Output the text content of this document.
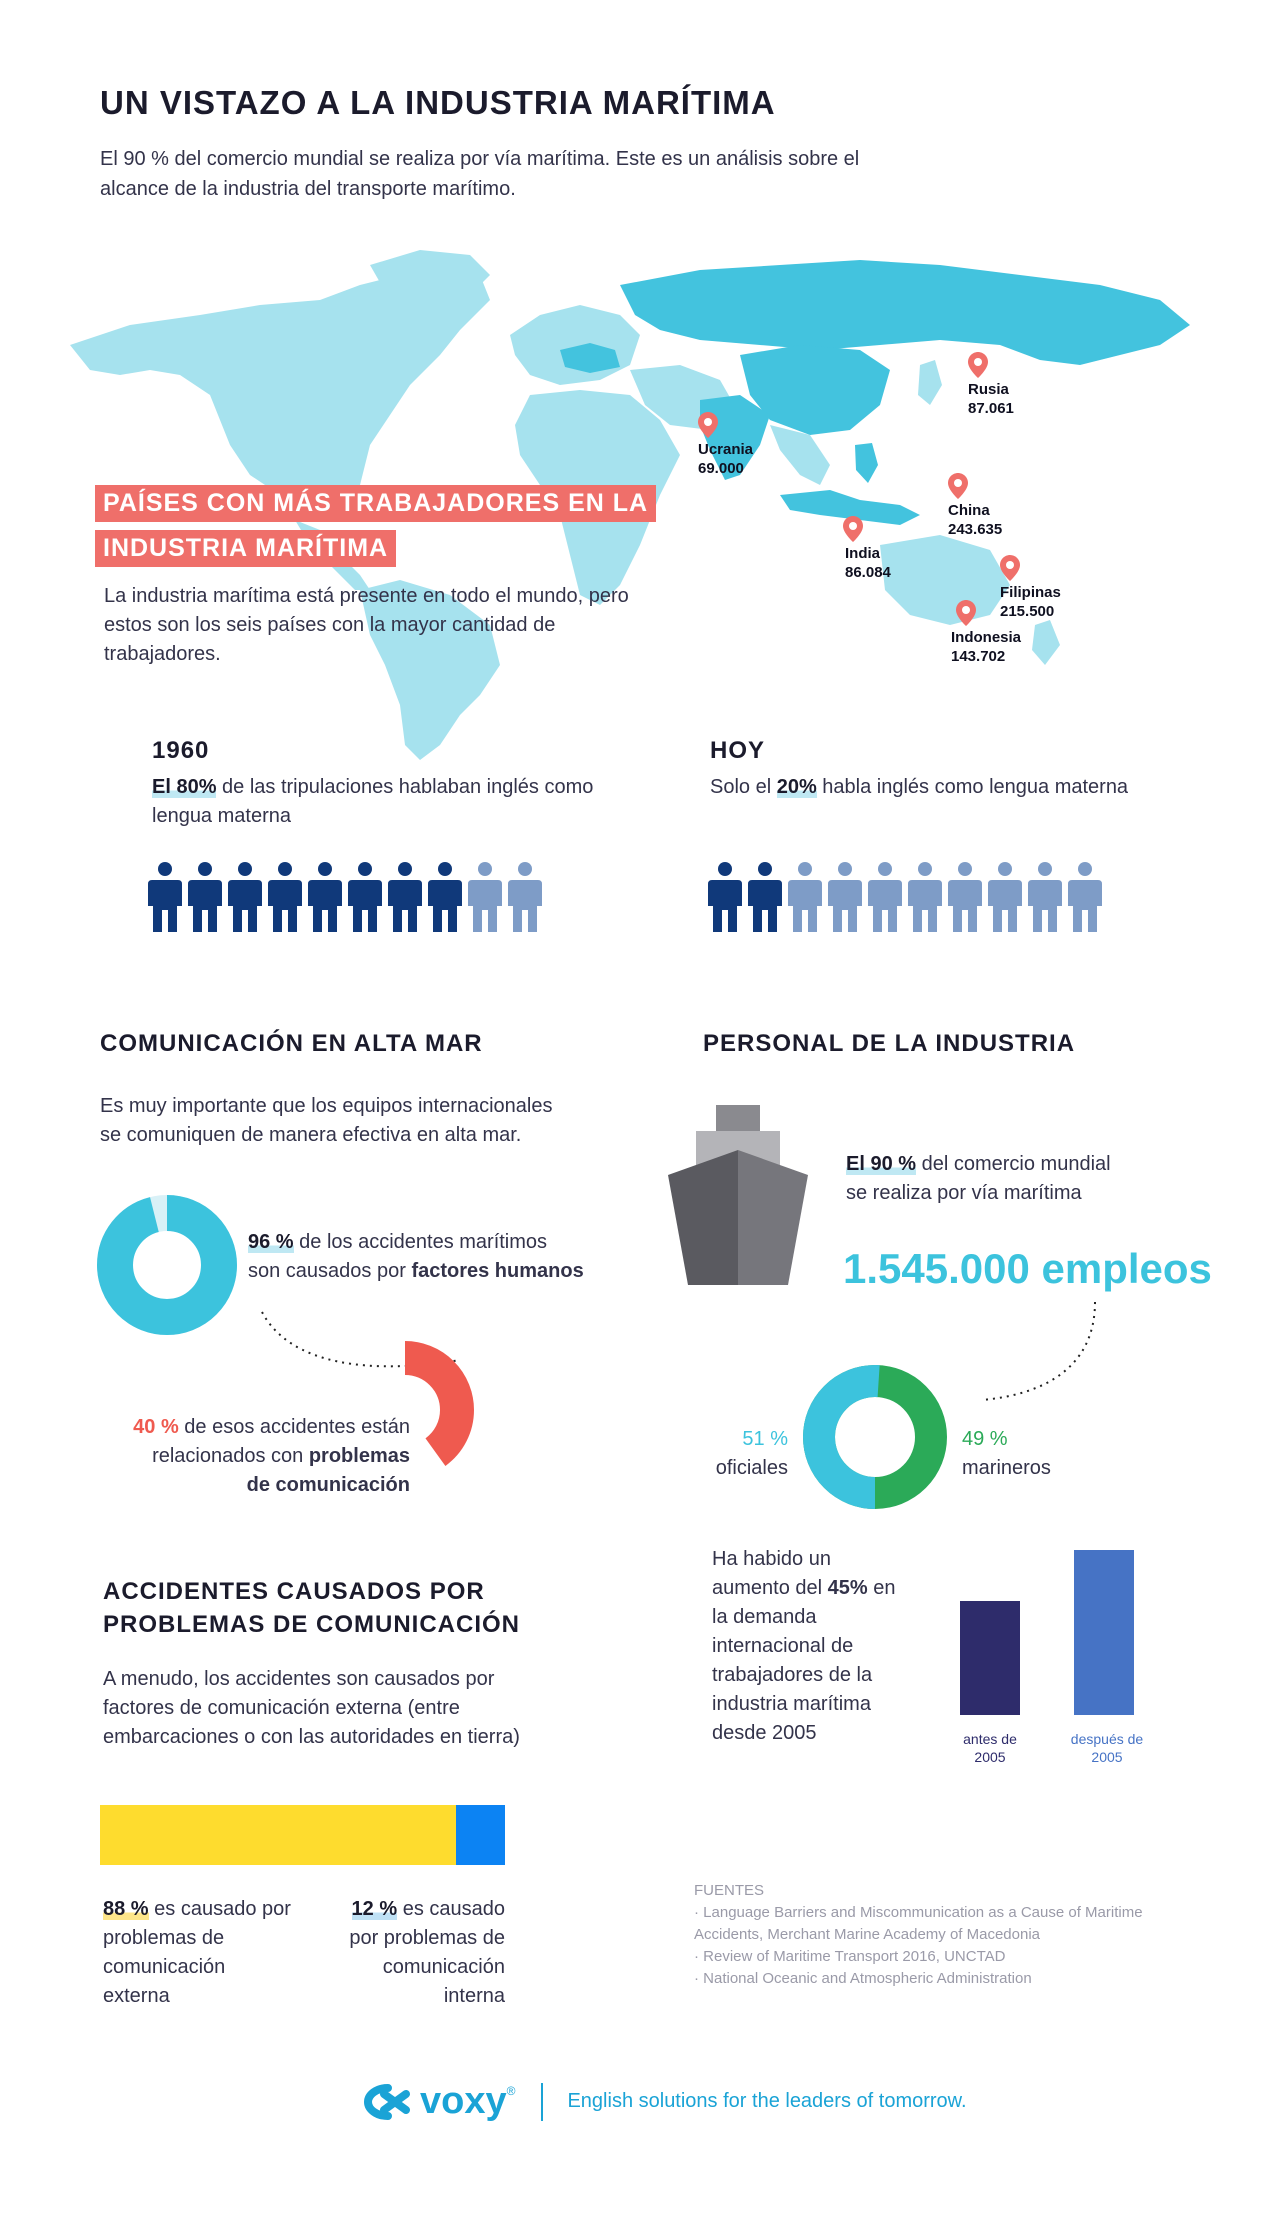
UN VISTAZO A LA INDUSTRIA MARÍTIMA
El 90 % del comercio mundial se realiza por vía marítima. Este es un análisis sobre el alcance de la industria del transporte marítimo.
Rusia
87.061
Ucrania
69.000
China
243.635
India
86.084
Filipinas
215.500
Indonesia
143.702
PAÍSES CON MÁS TRABAJADORES EN LA
INDUSTRIA MARÍTIMA
La industria marítima está presente en todo el mundo, pero estos son los seis países con la mayor cantidad de trabajadores.
1960
El 80% de las tripulaciones hablaban inglés como lengua materna
HOY
Solo el 20% habla inglés como lengua materna
COMUNICACIÓN EN ALTA MAR
Es muy importante que los equipos internacionales se comuniquen de manera efectiva en alta mar.
96 % de los accidentes marítimos
son causados por factores humanos
40 % de esos accidentes están
relacionados con problemas
de comunicación
ACCIDENTES CAUSADOS POR
PROBLEMAS DE COMUNICACIÓN
A menudo, los accidentes son causados por factores de comunicación externa (entre embarcaciones o con las autoridades en tierra)
88 % es causado por problemas de comunicación externa
12 % es causado por problemas de comunicación interna
PERSONAL DE LA INDUSTRIA
El 90 % del comercio mundial
se realiza por vía marítima
1.545.000 empleos
51 %
oficiales
49 %
marineros
Ha habido un aumento del 45% en la demanda internacional de trabajadores de la industria marítima desde 2005	antes de 2005
después de 2005
FUENTES
· Language Barriers and Miscommunication as a Cause of Maritime Accidents, Merchant Marine Academy of Macedonia
· Review of Maritime Transport 2016, UNCTAD
· National Oceanic and Atmospheric Administration
voxy ®	English solutions for the leaders of tomorrow.
